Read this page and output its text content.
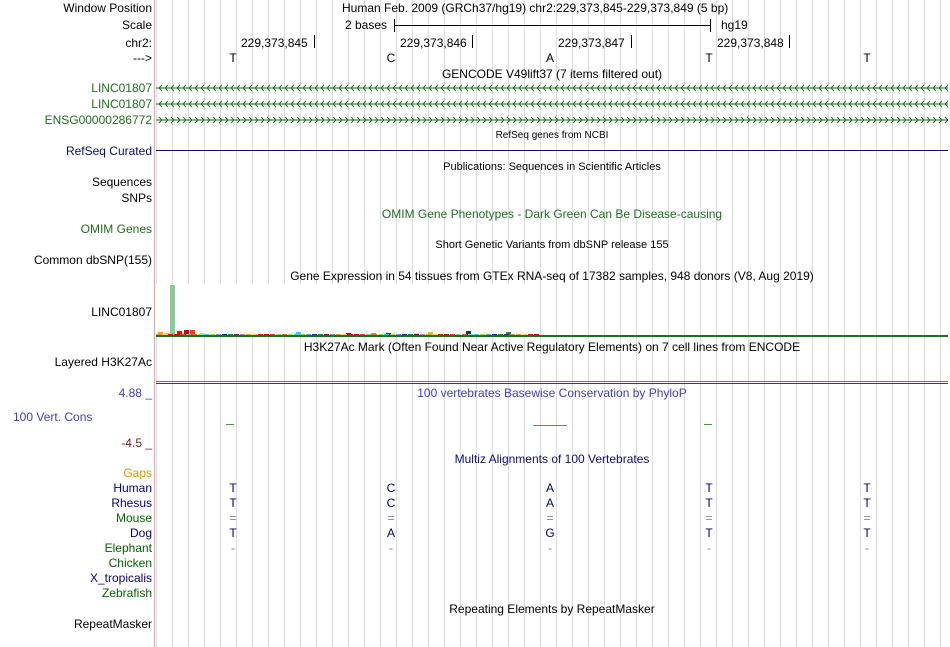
Window Position	Human Feb. 2009 (GRCh37/hg19) chr2:229,373,845-229,373,849 (5 bp)
Scale	2 bases	hg19
chr2:	229,373,845	229,373,846	229,373,847	229,373,848
--->	T	C	A	T	T
GENCODE V49lift37 (7 items filtered out)
LINC01807
LINC01807
ENSG00000286772
RefSeq genes from NCBI
RefSeq Curated
Publications: Sequences in Scientific Articles
Sequences
SNPs
OMIM Gene Phenotypes - Dark Green Can Be Disease-causing
OMIM Genes
Short Genetic Variants from dbSNP release 155
Common dbSNP(155)
Gene Expression in 54 tissues from GTEx RNA-seq of 17382 samples, 948 donors (V8, Aug 2019)
LINC01807
H3K27Ac Mark (Often Found Near Active Regulatory Elements) on 7 cell lines from ENCODE
Layered H3K27Ac
4.88 _	100 vertebrates Basewise Conservation by PhyloP
100 Vert. Cons
-4.5 _
Multiz Alignments of 100 Vertebrates
Gaps
Human	T	C	A	T	T
Rhesus	T	C	A	T	T
Mouse	=	=	=	=	=
Dog	T	A	G	T	T
Elephant	-	-	-	-	-
Chicken
X_tropicalis
Zebrafish
Repeating Elements by RepeatMasker
RepeatMasker
